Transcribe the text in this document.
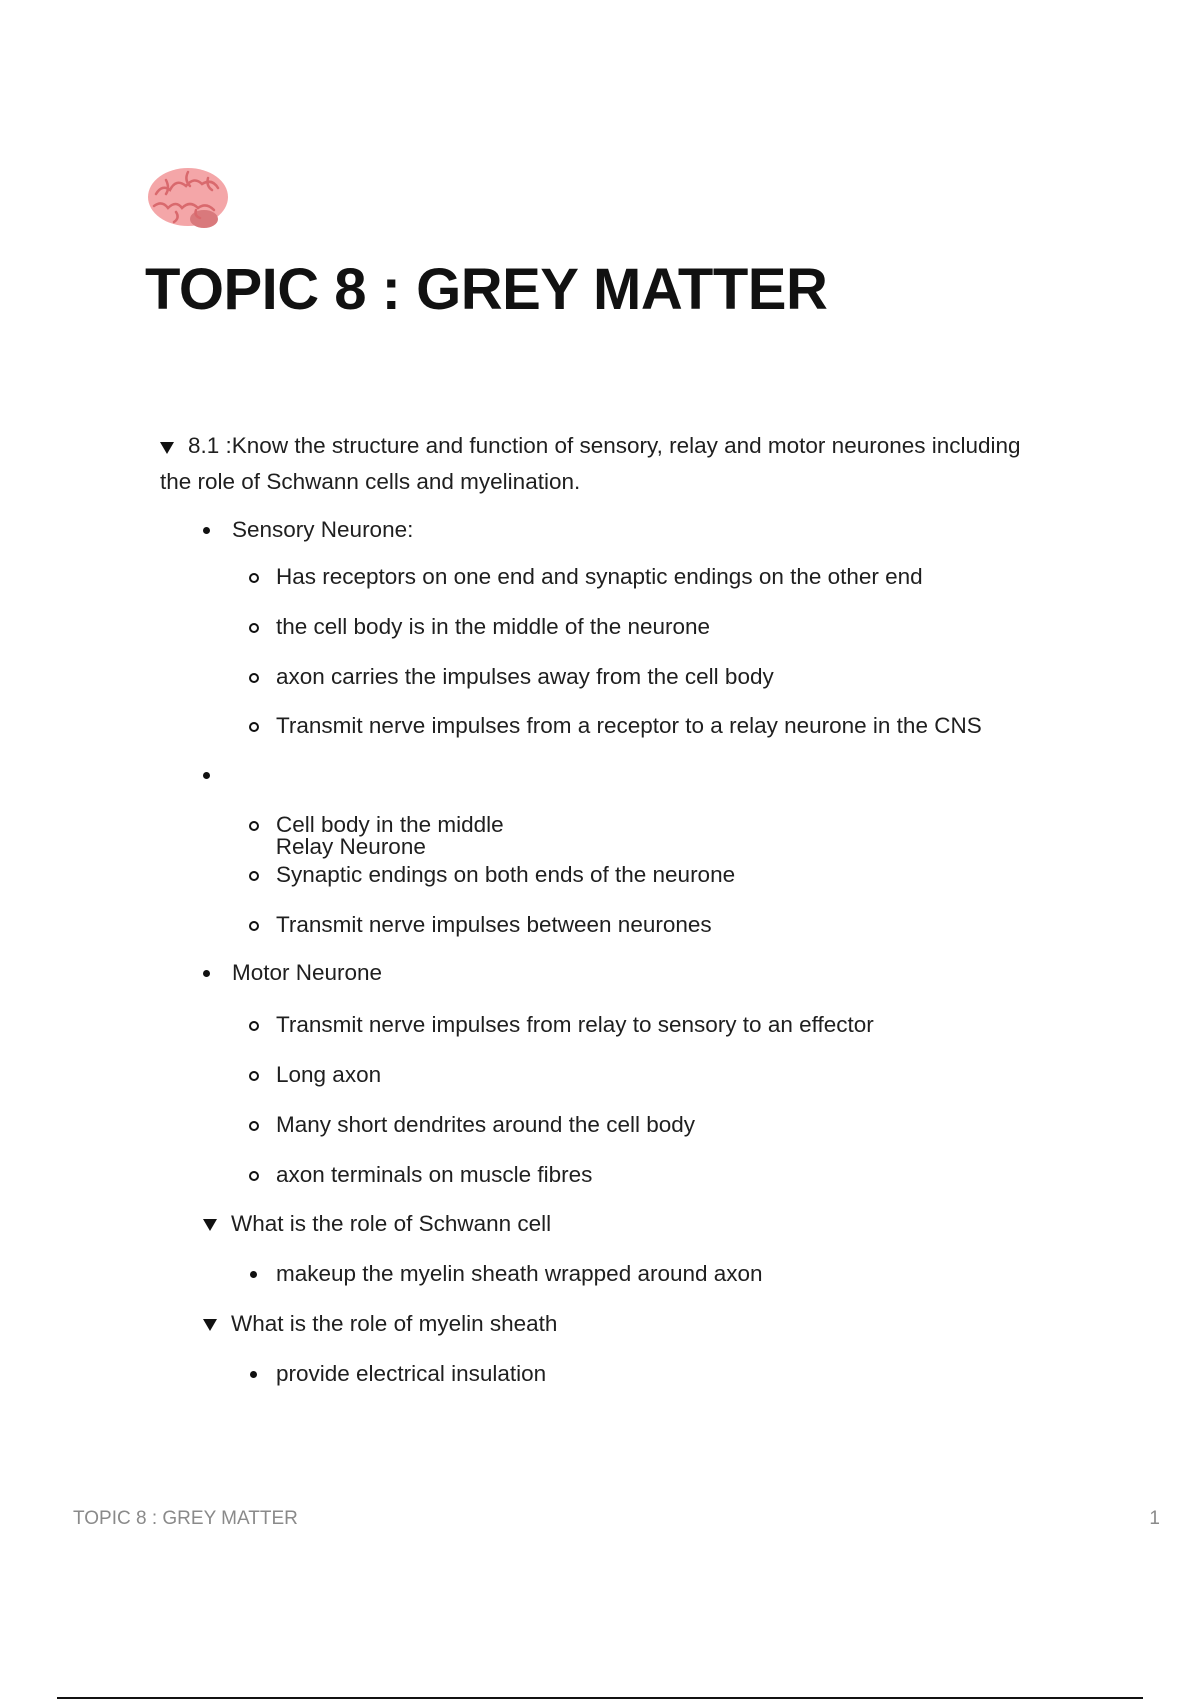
TOPIC 8 : GREY MATTER
8.1 :Know the structure and function of sensory, relay and motor neurones including
the role of Schwann cells and myelination.
Sensory Neurone:
Has receptors on one end and synaptic endings on the other end
the cell body is in the middle of the neurone
axon carries the impulses away from the cell body
Transmit nerve impulses from a receptor to a relay neurone in the CNS

Relay Neurone

Cell body in the middle
Synaptic endings on both ends of the neurone
Transmit nerve impulses between neurones
Motor Neurone
Transmit nerve impulses from relay to sensory to an effector
Long axon
Many short dendrites around the cell body
axon terminals on muscle fibres
What is the role of Schwann cell
makeup the myelin sheath wrapped around axon
What is the role of myelin sheath
provide electrical insulation
TOPIC 8 : GREY MATTER	1
